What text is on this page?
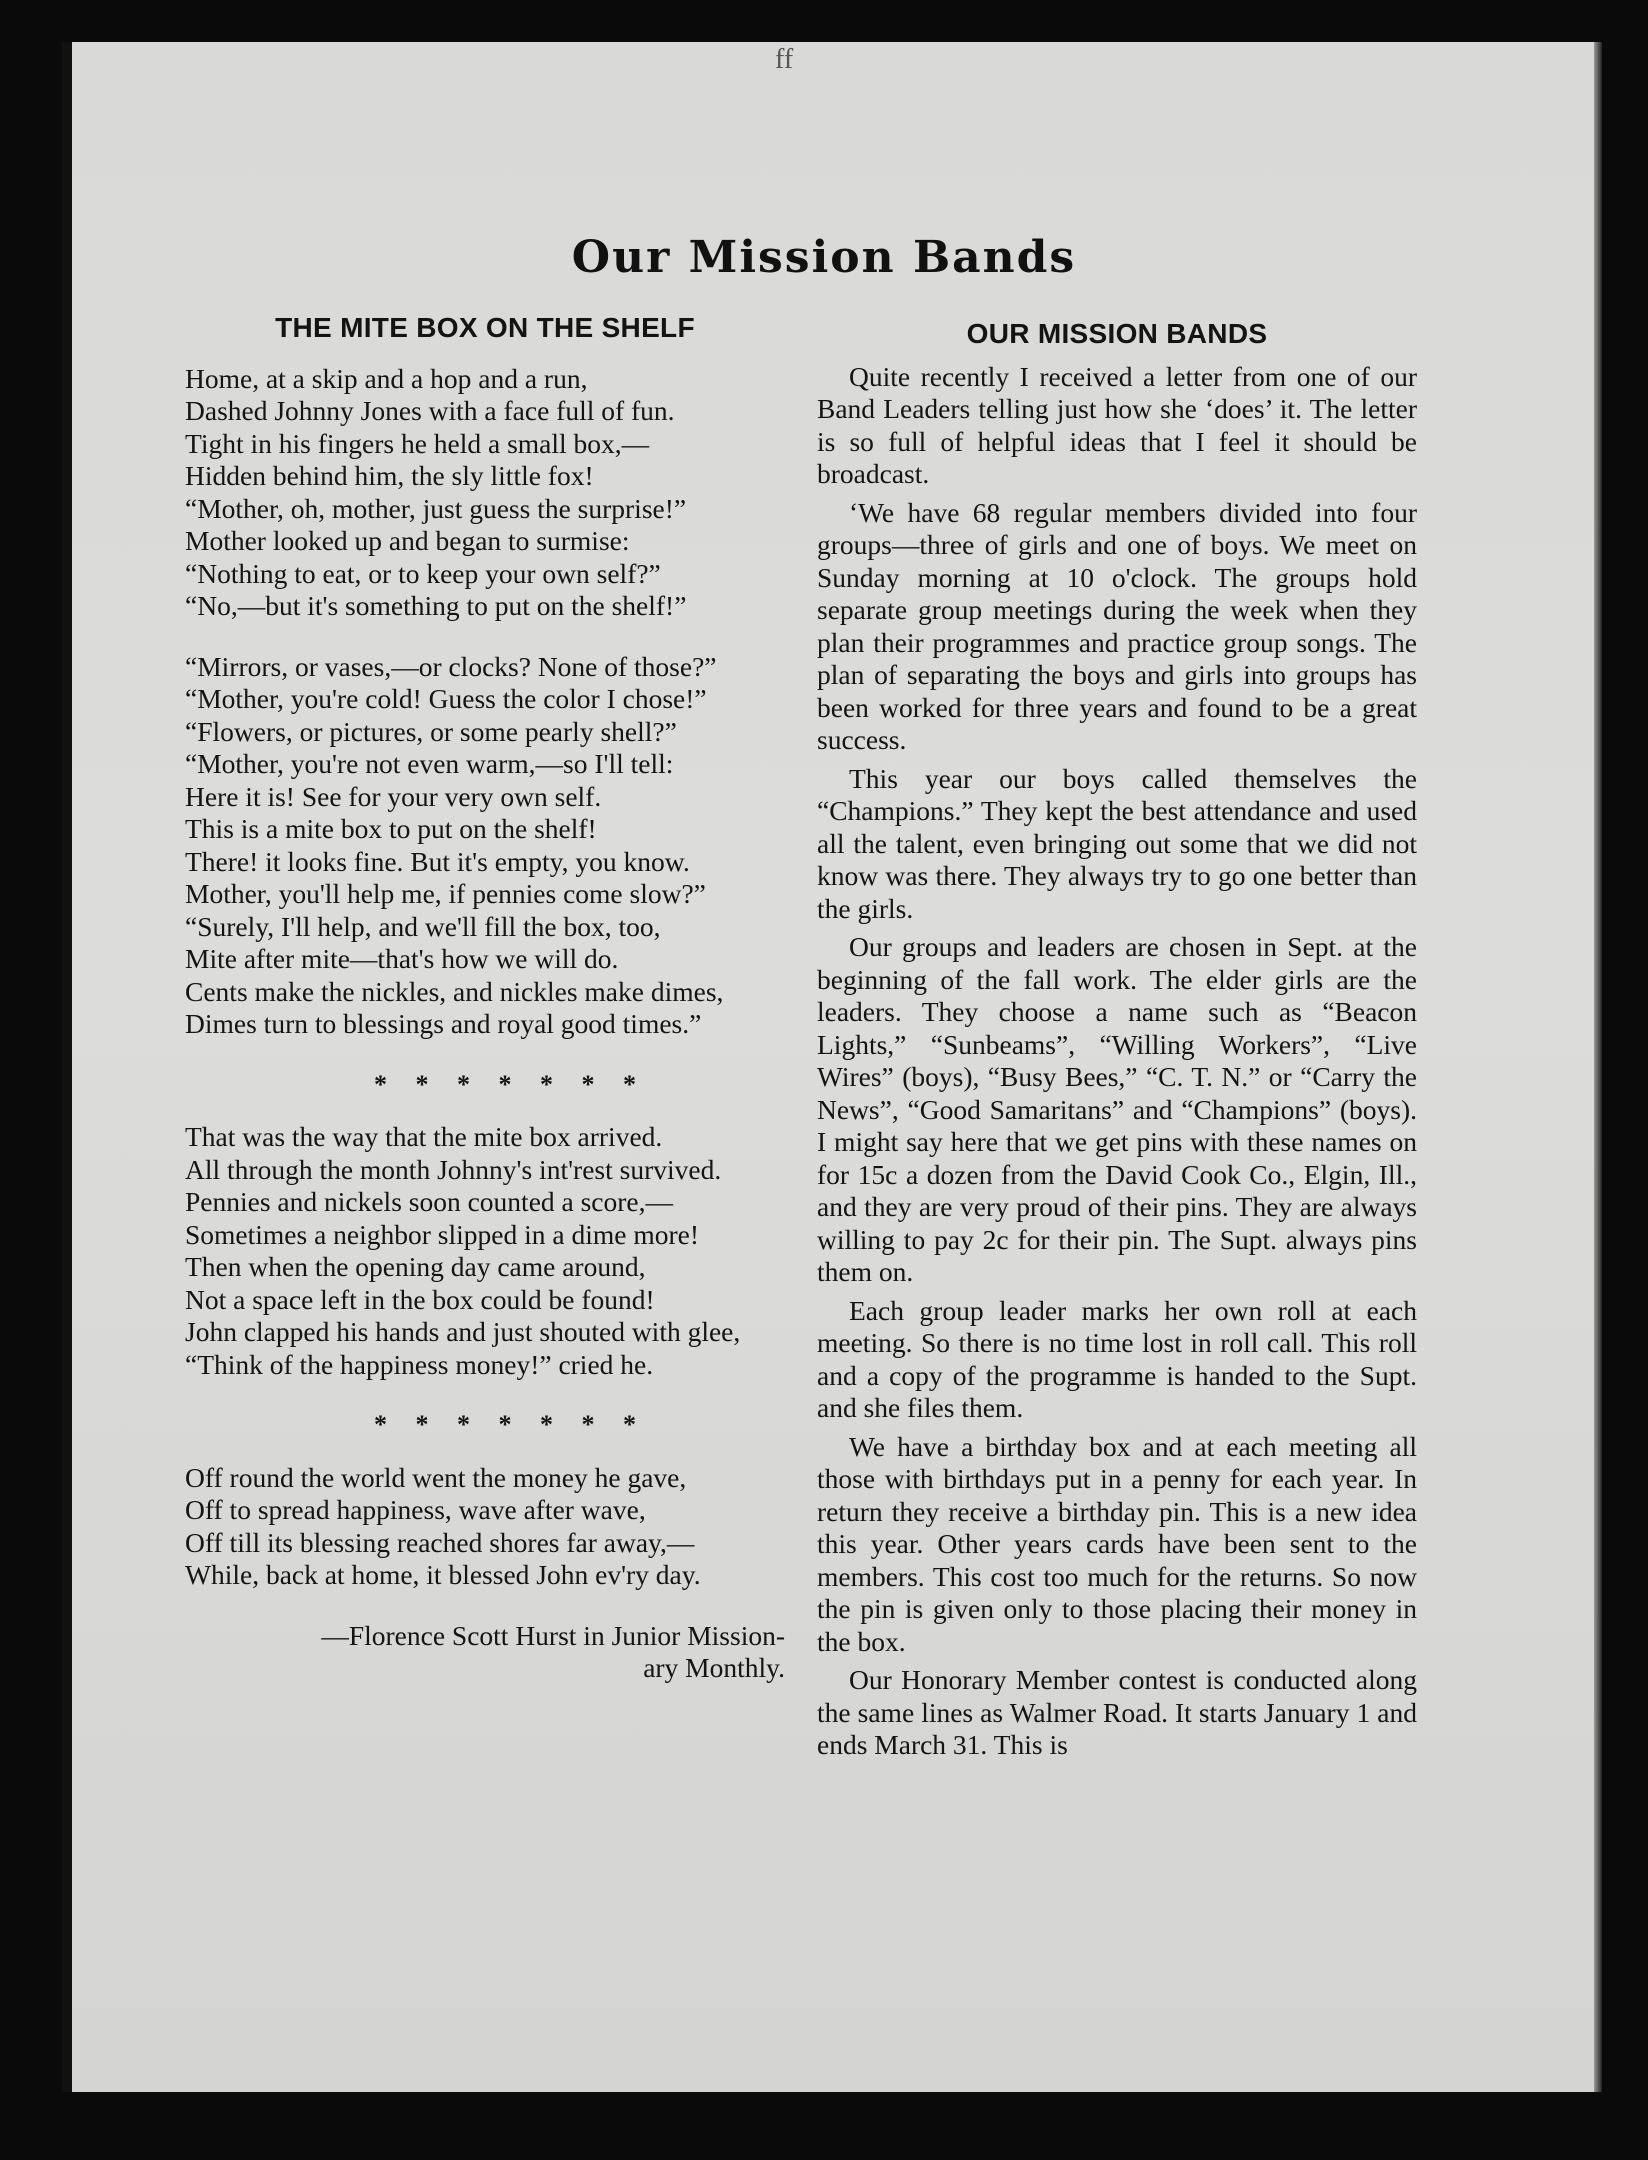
ff
Our Mission Bands
THE MITE BOX ON THE SHELF
Home, at a skip and a hop and a run,
Dashed Johnny Jones with a face full of fun.
Tight in his fingers he held a small box,—
Hidden behind him, the sly little fox!
“Mother, oh, mother, just guess the surprise!”
Mother looked up and began to surmise:
“Nothing to eat, or to keep your own self?”
“No,—but it's something to put on the shelf!”
“Mirrors, or vases,—or clocks? None of those?”
“Mother, you're cold! Guess the color I chose!”
“Flowers, or pictures, or some pearly shell?”
“Mother, you're not even warm,—so I'll tell:
Here it is! See for your very own self.
This is a mite box to put on the shelf!
There! it looks fine. But it's empty, you know.
Mother, you'll help me, if pennies come slow?”
“Surely, I'll help, and we'll fill the box, too,
Mite after mite—that's how we will do.
Cents make the nickles, and nickles make dimes,
Dimes turn to blessings and royal good times.”
* * * * * * *
That was the way that the mite box arrived.
All through the month Johnny's int'rest survived.
Pennies and nickels soon counted a score,—
Sometimes a neighbor slipped in a dime more!
Then when the opening day came around,
Not a space left in the box could be found!
John clapped his hands and just shouted with glee,
“Think of the happiness money!” cried he.
* * * * * * *
Off round the world went the money he gave,
Off to spread happiness, wave after wave,
Off till its blessing reached shores far away,—
While, back at home, it blessed John ev'ry day.
—Florence Scott Hurst in Junior Mission-
ary Monthly.
OUR MISSION BANDS

Quite recently I received a letter from one of our Band Leaders telling just how she ‘does’ it. The letter is so full of helpful ideas that I feel it should be broadcast.

‘We have 68 regular members divided into four groups—three of girls and one of boys. We meet on Sunday morning at 10 o'clock. The groups hold separate group meetings during the week when they plan their programmes and practice group songs. The plan of separating the boys and girls into groups has been worked for three years and found to be a great success.

This year our boys called themselves the “Champions.” They kept the best attendance and used all the talent, even bringing out some that we did not know was there. They always try to go one better than the girls.

Our groups and leaders are chosen in Sept. at the beginning of the fall work. The elder girls are the leaders. They choose a name such as “Beacon Lights,” “Sunbeams”, “Willing Workers”, “Live Wires” (boys), “Busy Bees,” “C. T. N.” or “Carry the News”, “Good Samaritans” and “Champions” (boys). I might say here that we get pins with these names on for 15c a dozen from the David Cook Co., Elgin, Ill., and they are very proud of their pins. They are always willing to pay 2c for their pin. The Supt. always pins them on.

Each group leader marks her own roll at each meeting. So there is no time lost in roll call. This roll and a copy of the programme is handed to the Supt. and she files them.

We have a birthday box and at each meeting all those with birthdays put in a penny for each year. In return they receive a birthday pin. This is a new idea this year. Other years cards have been sent to the members. This cost too much for the returns. So now the pin is given only to those placing their money in the box.

Our Honorary Member contest is conducted along the same lines as Walmer Road. It starts January 1 and ends March 31. This is
